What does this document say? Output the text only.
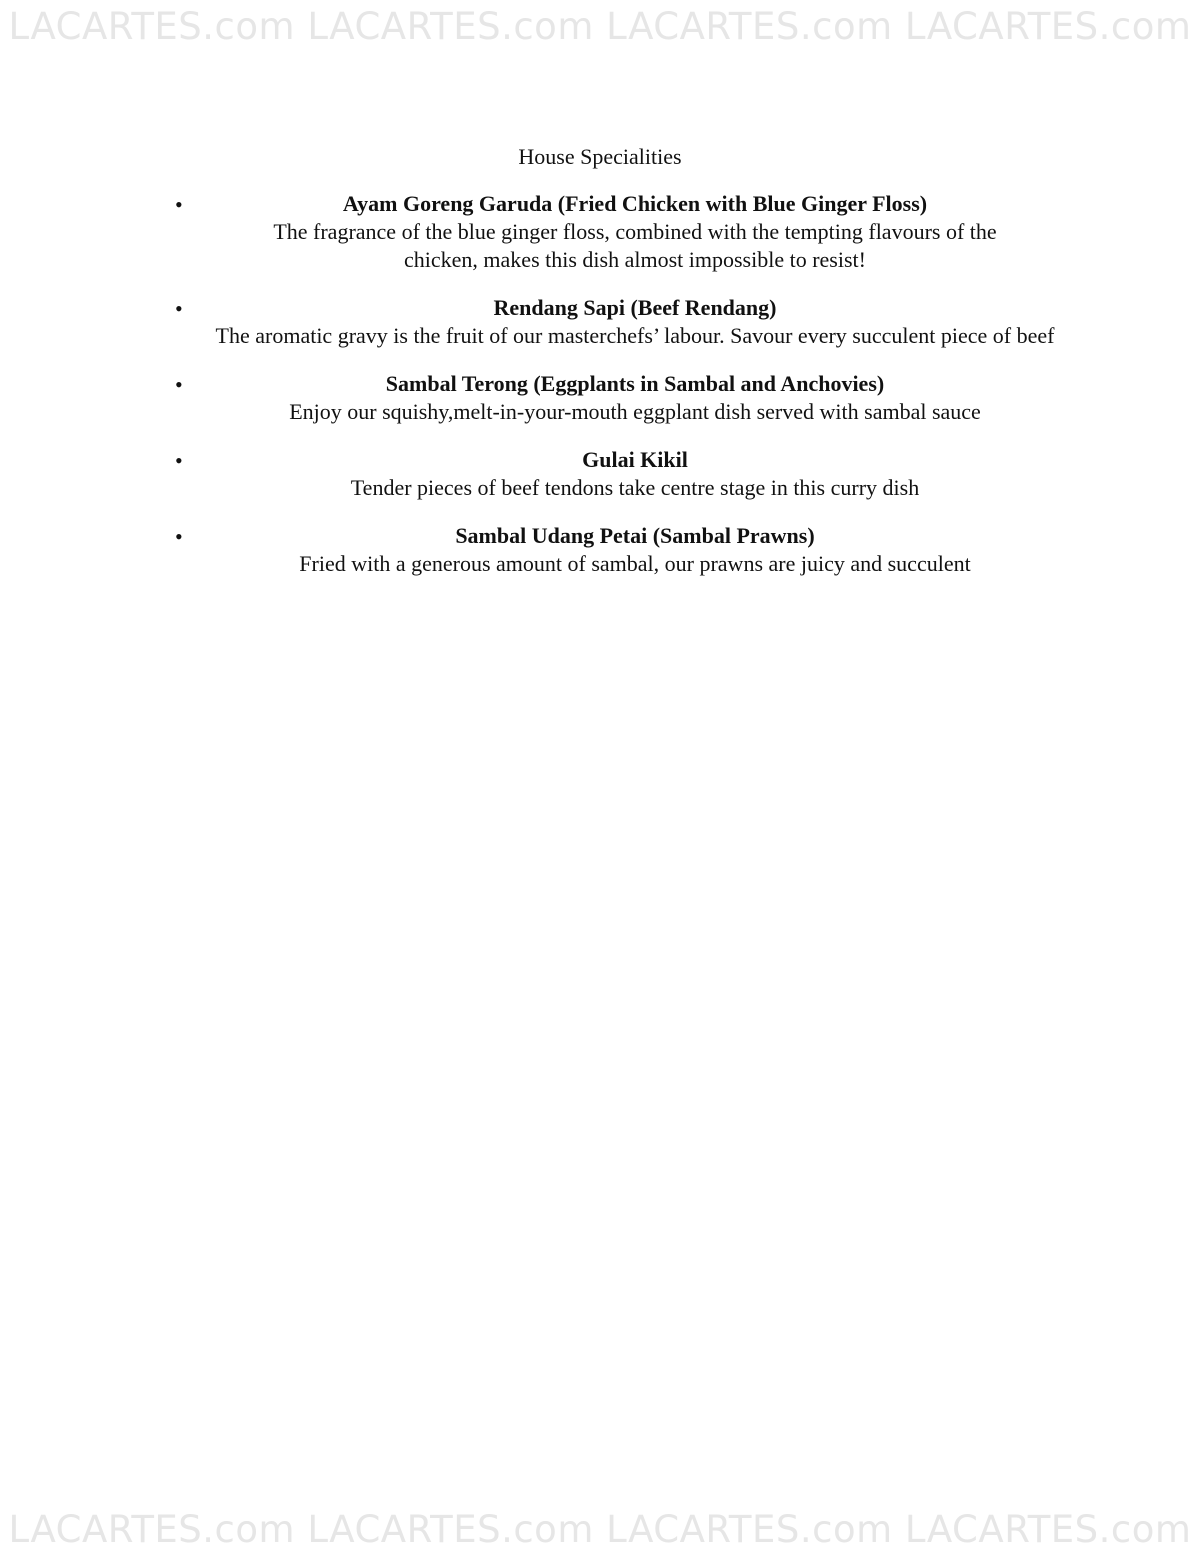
LACARTES.com LACARTES.com LACARTES.com LACARTES.com
House Specialities
•	Ayam Goreng Garuda (Fried Chicken with Blue Ginger Floss)
The fragrance of the blue ginger floss, combined with the tempting flavours of the chicken, makes this dish almost impossible to resist!
•	Rendang Sapi (Beef Rendang)
The aromatic gravy is the fruit of our masterchefs’ labour. Savour every succulent piece of beef
•	Sambal Terong (Eggplants in Sambal and Anchovies)
Enjoy our squishy,melt-in-your-mouth eggplant dish served with sambal sauce
•	Gulai Kikil
Tender pieces of beef tendons take centre stage in this curry dish
•	Sambal Udang Petai (Sambal Prawns)
Fried with a generous amount of sambal, our prawns are juicy and succulent
LACARTES.com LACARTES.com LACARTES.com LACARTES.com
